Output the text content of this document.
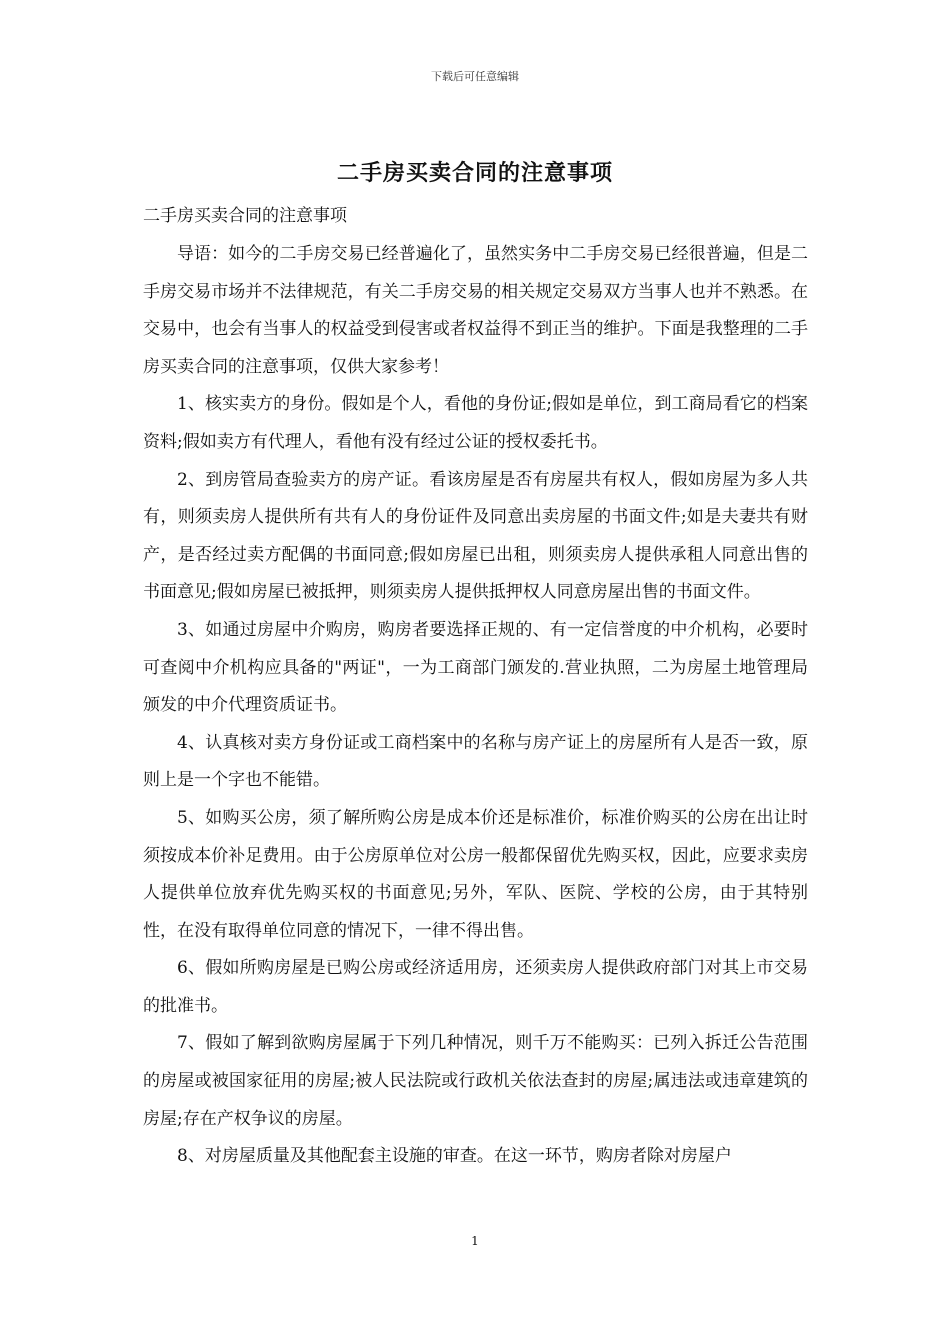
下载后可任意编辑
二手房买卖合同的注意事项
二手房买卖合同的注意事项

导语：如今的二手房交易已经普遍化了，虽然实务中二手房交易已经很普遍，但是二手房交易市场并不法律规范，有关二手房交易的相关规定交易双方当事人也并不熟悉。在交易中，也会有当事人的权益受到侵害或者权益得不到正当的维护。下面是我整理的二手房买卖合同的注意事项，仅供大家参考！

1、核实卖方的身份。假如是个人，看他的身份证;假如是单位，到工商局看它的档案资料;假如卖方有代理人，看他有没有经过公证的授权委托书。

2、到房管局查验卖方的房产证。看该房屋是否有房屋共有权人，假如房屋为多人共有，则须卖房人提供所有共有人的身份证件及同意出卖房屋的书面文件;如是夫妻共有财产，是否经过卖方配偶的书面同意;假如房屋已出租，则须卖房人提供承租人同意出售的书面意见;假如房屋已被抵押，则须卖房人提供抵押权人同意房屋出售的书面文件。

3、如通过房屋中介购房，购房者要选择正规的、有一定信誉度的中介机构，必要时可查阅中介机构应具备的"两证"，一为工商部门颁发的.营业执照，二为房屋土地管理局颁发的中介代理资质证书。

4、认真核对卖方身份证或工商档案中的名称与房产证上的房屋所有人是否一致，原则上是一个字也不能错。

5、如购买公房，须了解所购公房是成本价还是标准价，标准价购买的公房在出让时须按成本价补足费用。由于公房原单位对公房一般都保留优先购买权，因此，应要求卖房人提供单位放弃优先购买权的书面意见;另外，军队、医院、学校的公房，由于其特别性，在没有取得单位同意的情况下，一律不得出售。

6、假如所购房屋是已购公房或经济适用房，还须卖房人提供政府部门对其上市交易的批准书。

7、假如了解到欲购房屋属于下列几种情况，则千万不能购买：已列入拆迁公告范围的房屋或被国家征用的房屋;被人民法院或行政机关依法查封的房屋;属违法或违章建筑的房屋;存在产权争议的房屋。

8、对房屋质量及其他配套主设施的审查。在这一环节，购房者除对房屋户

1
